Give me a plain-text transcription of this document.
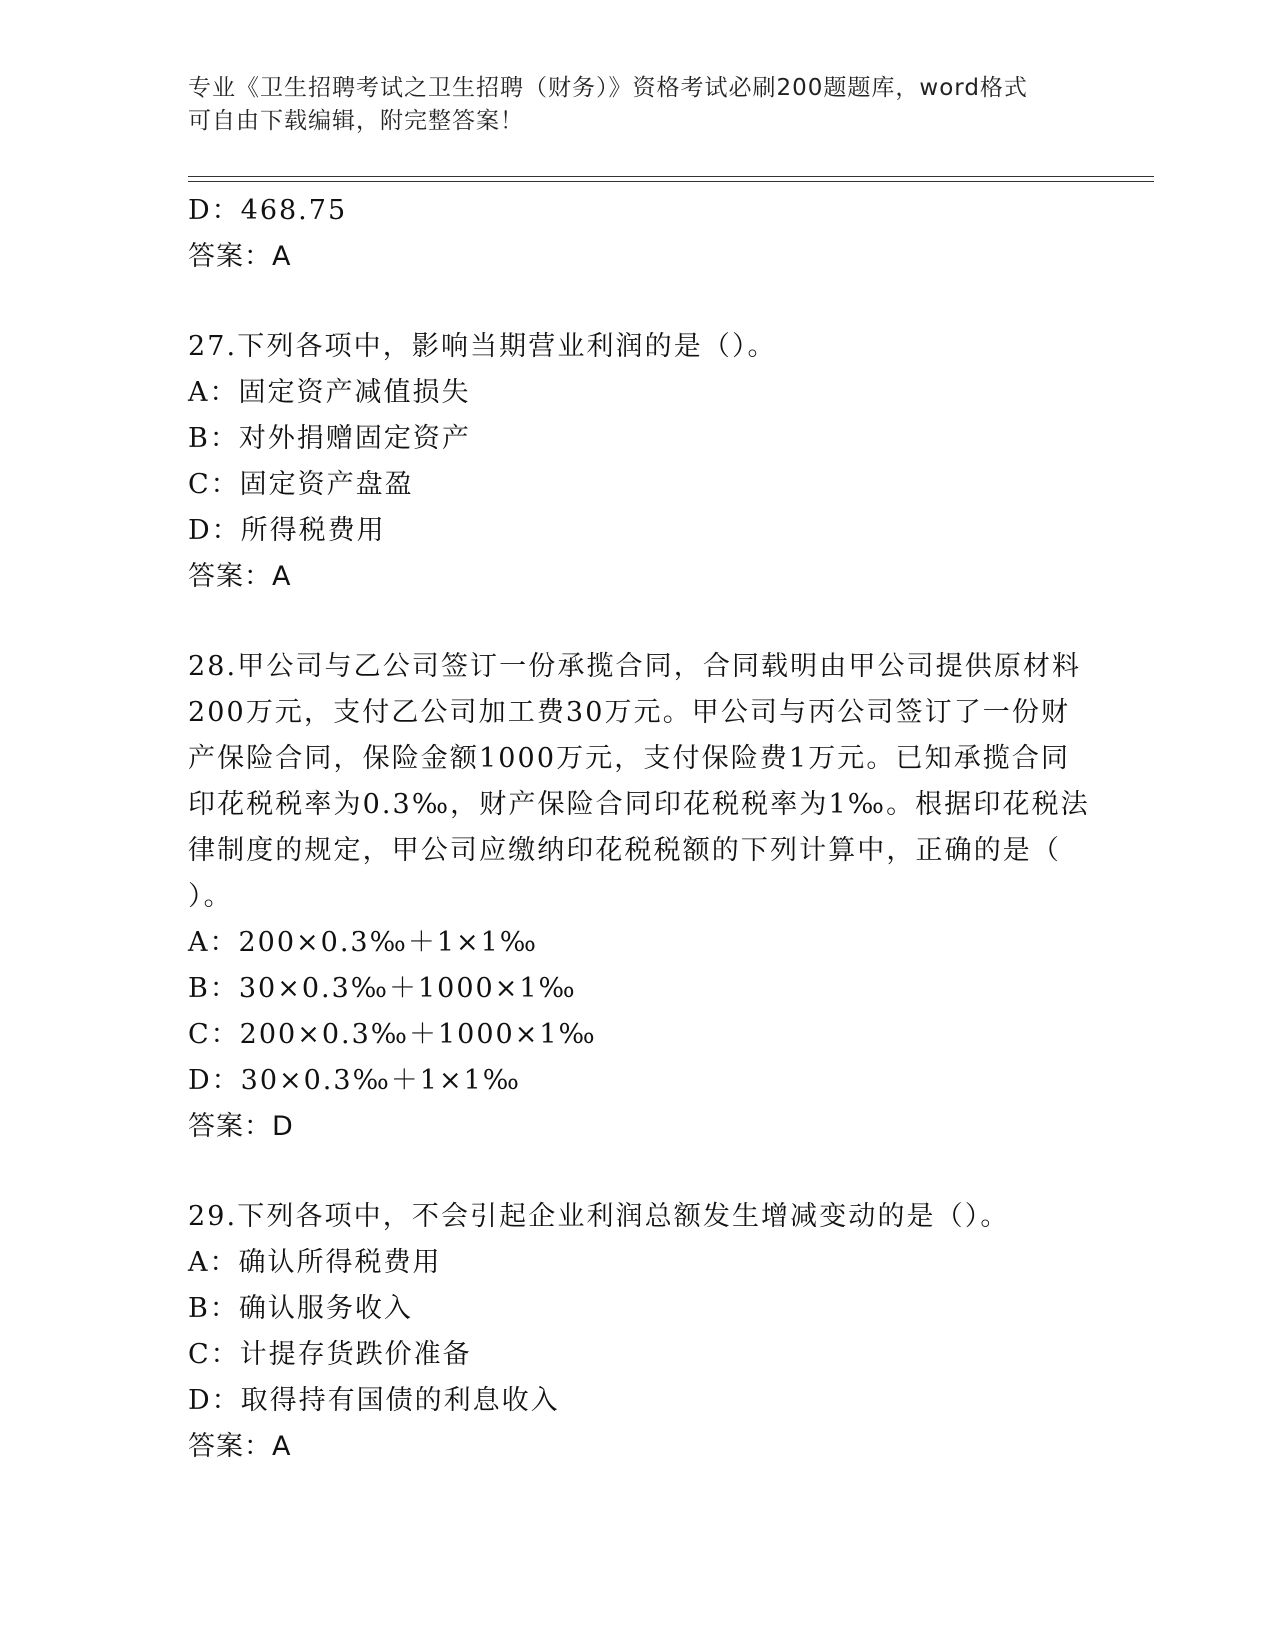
专业《卫生招聘考试之卫生招聘（财务）》资格考试必刷200题题库，word格式
可自由下载编辑，附完整答案！
D：468.75
答案：A
27.下列各项中，影响当期营业利润的是（）。
A：固定资产减值损失
B：对外捐赠固定资产
C：固定资产盘盈
D：所得税费用
答案：A
28.甲公司与乙公司签订一份承揽合同，合同载明由甲公司提供原材料
200万元，支付乙公司加工费30万元。甲公司与丙公司签订了一份财
产保险合同，保险金额1000万元，支付保险费1万元。已知承揽合同
印花税税率为0.3‰，财产保险合同印花税税率为1‰。根据印花税法
律制度的规定，甲公司应缴纳印花税税额的下列计算中，正确的是（
）。
A：200×0.3‰＋1×1‰
B：30×0.3‰＋1000×1‰
C：200×0.3‰＋1000×1‰
D：30×0.3‰＋1×1‰
答案：D
29.下列各项中，不会引起企业利润总额发生增减变动的是（）。
A：确认所得税费用
B：确认服务收入
C：计提存货跌价准备
D：取得持有国债的利息收入
答案：A
